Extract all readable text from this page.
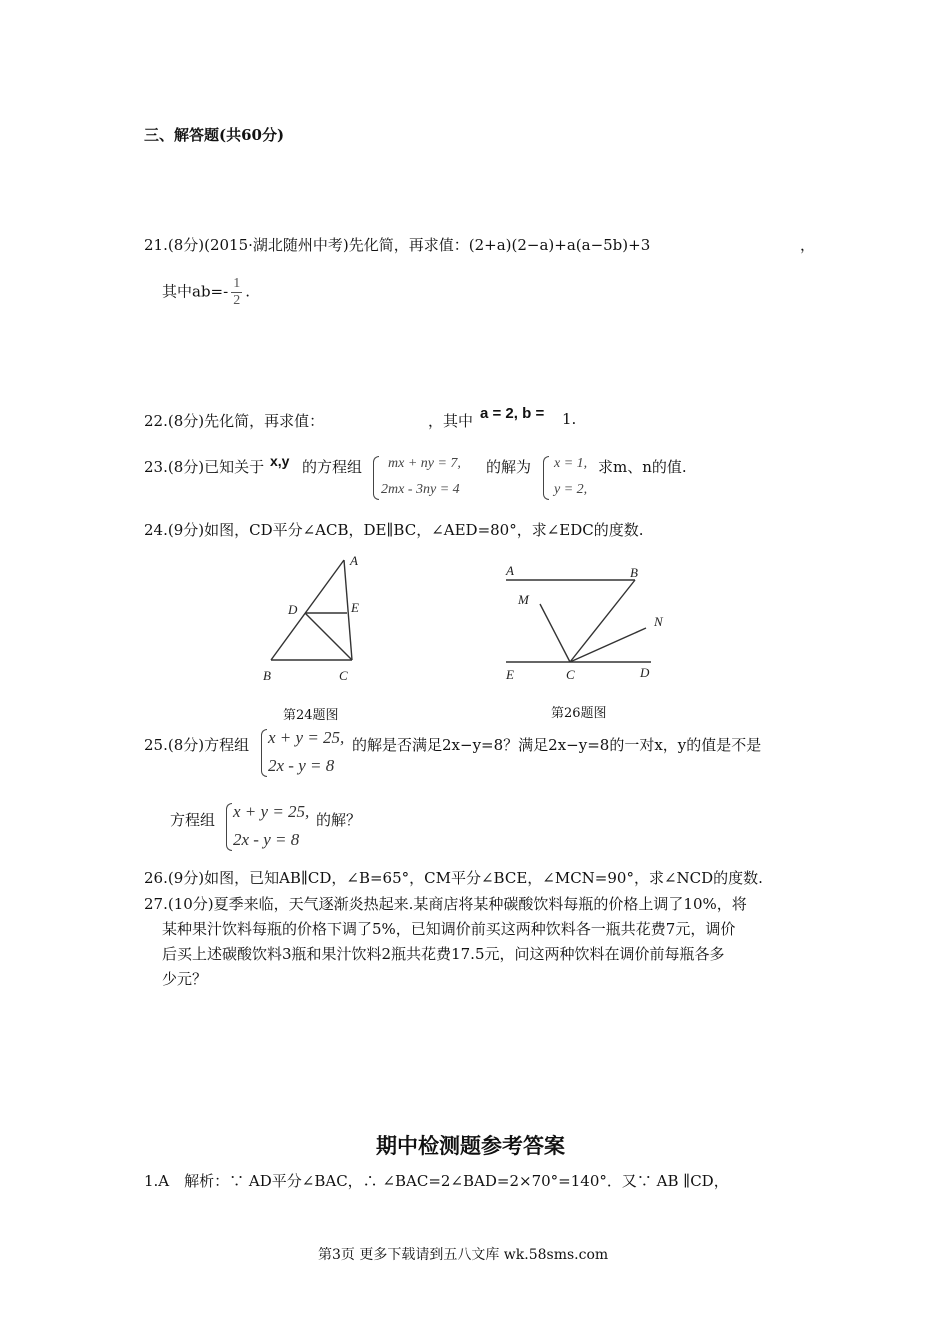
三、解答题(共60分)
21.(8分)(2015·湖北随州中考)先化简，再求值：(2+a)(2−a)+a(a−5b)+3	，
其中$ab=- \frac{1}{2}$ .
22.(8分)先化简，再求值：	，其中 a = 2, b = 1.
23.(8分)已知关于 x,y 的方程组 mx + ny = 7,
2mx - 3ny = 4
的解为 x = 1,
y = 2,
求m、n的值.
24.(9分)如图，CD平分∠ACB，DE∥BC，∠AED=80°，求∠EDC的度数.
A
D	E
B	C
第24题图
A	B
M
N
E	C	D
第26题图
25.(8分)方程组 x + y = 25,
2x - y = 8
的解是否满足2x−y=8？满足2x−y=8的一对x，y的值是不是
方程组 x + y = 25,
2x - y = 8
的解？
26.(9分)如图，已知AB∥CD，∠B=65°，CM平分∠BCE，∠MCN=90°，求∠NCD的度数.
27.(10分)夏季来临，天气逐渐炎热起来.某商店将某种碳酸饮料每瓶的价格上调了10%，将
某种果汁饮料每瓶的价格下调了5%，已知调价前买这两种饮料各一瓶共花费7元，调价
后买上述碳酸饮料3瓶和果汁饮料2瓶共花费17.5元，问这两种饮料在调价前每瓶各多
少元？
期中检测题参考答案
1.A　解析：∵ AD平分∠BAC，∴ ∠BAC=2∠BAD=2×70°=140°．又∵ AB ∥CD，
第3页 更多下载请到五八文库 wk.58sms.com
